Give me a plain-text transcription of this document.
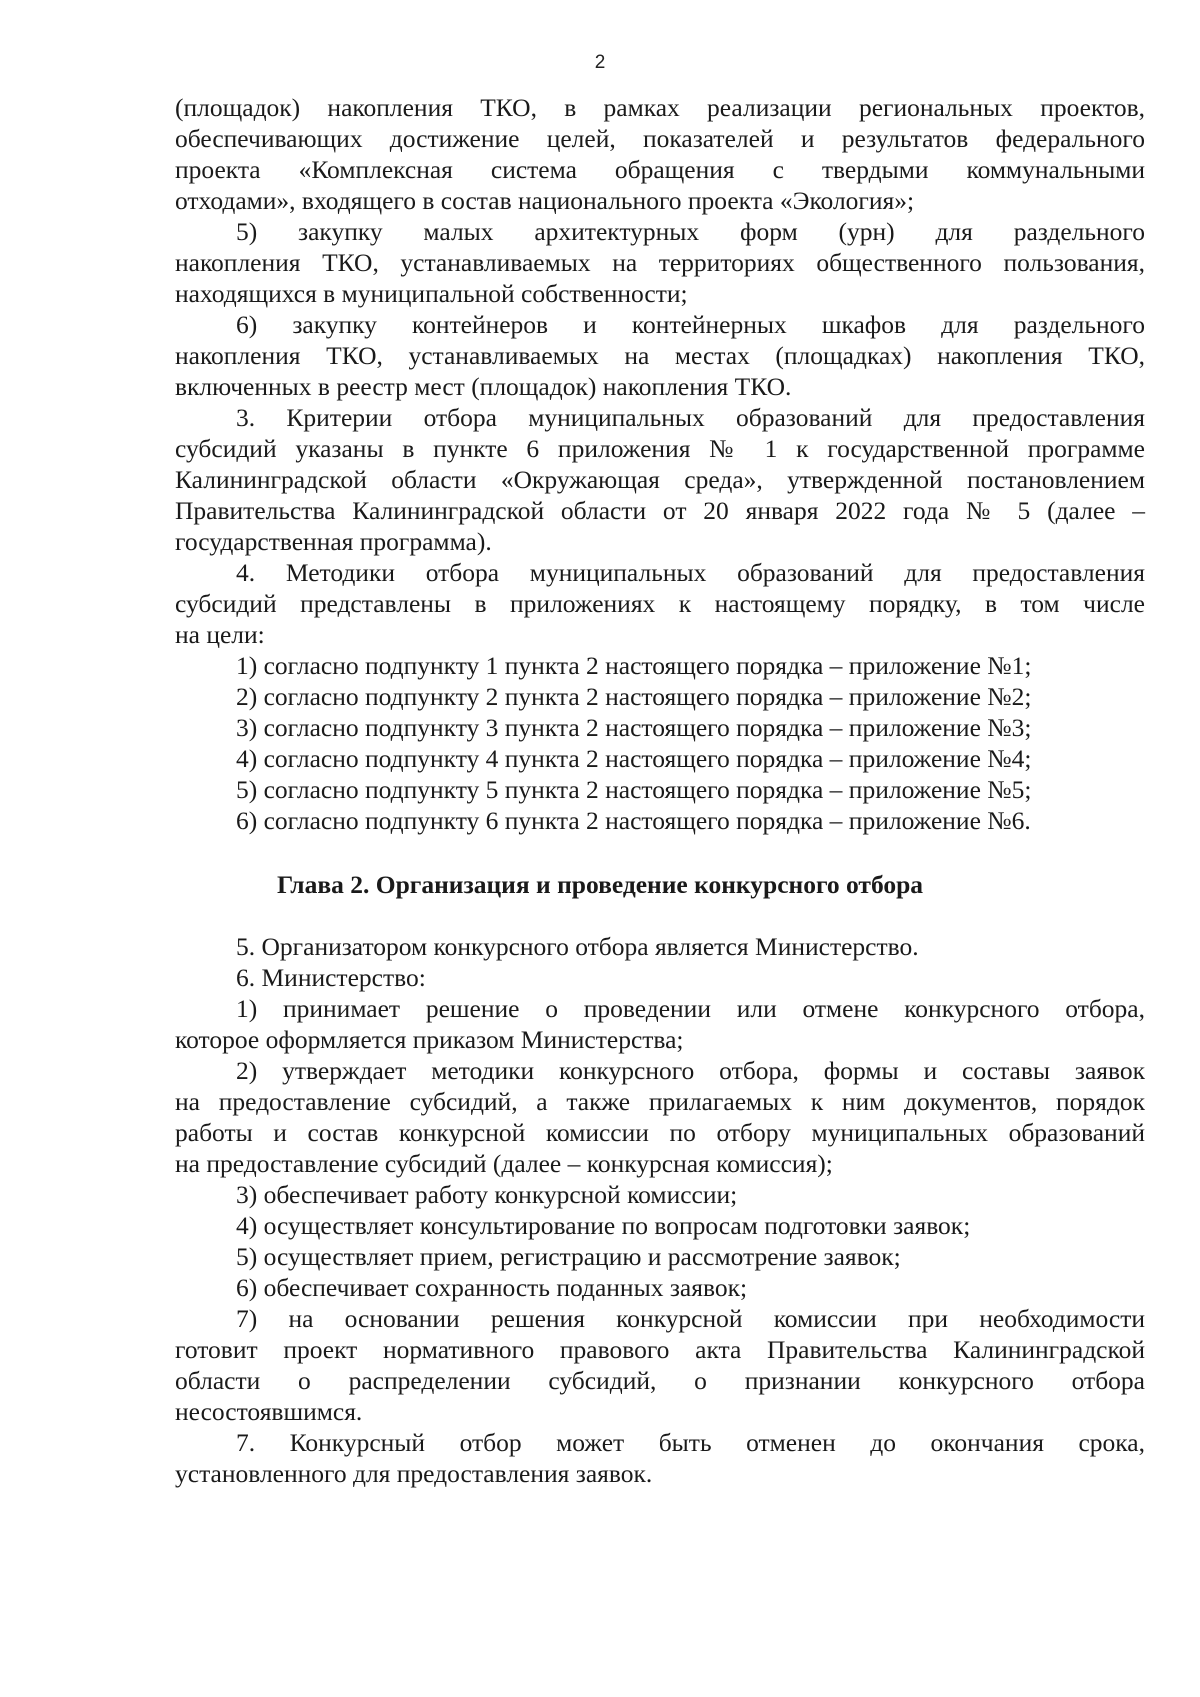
2
(площадок) накопления ТКО, в рамках реализации региональных проектов,
обеспечивающих достижение целей, показателей и результатов федерального
проекта «Комплексная система обращения с твердыми коммунальными
отходами», входящего в состав национального проекта «Экология»;
5) закупку малых архитектурных форм (урн) для раздельного
накопления ТКО, устанавливаемых на территориях общественного пользования,
находящихся в муниципальной собственности;
6) закупку контейнеров и контейнерных шкафов для раздельного
накопления ТКО, устанавливаемых на местах (площадках) накопления ТКО,
включенных в реестр мест (площадок) накопления ТКО.
3. Критерии отбора муниципальных образований для предоставления
субсидий указаны в пункте 6 приложения № 1 к государственной программе
Калининградской области «Окружающая среда», утвержденной постановлением
Правительства Калининградской области от 20 января 2022 года № 5 (далее –
государственная программа).
4. Методики отбора муниципальных образований для предоставления
субсидий представлены в приложениях к настоящему порядку, в том числе
на цели:
1) согласно подпункту 1 пункта 2 настоящего порядка – приложение №1;
2) согласно подпункту 2 пункта 2 настоящего порядка – приложение №2;
3) согласно подпункту 3 пункта 2 настоящего порядка – приложение №3;
4) согласно подпункту 4 пункта 2 настоящего порядка – приложение №4;
5) согласно подпункту 5 пункта 2 настоящего порядка – приложение №5;
6) согласно подпункту 6 пункта 2 настоящего порядка – приложение №6.
Глава 2. Организация и проведение конкурсного отбора
5. Организатором конкурсного отбора является Министерство.
6. Министерство:
1) принимает решение о проведении или отмене конкурсного отбора,
которое оформляется приказом Министерства;
2) утверждает методики конкурсного отбора, формы и составы заявок
на предоставление субсидий, а также прилагаемых к ним документов, порядок
работы и состав конкурсной комиссии по отбору муниципальных образований
на предоставление субсидий (далее – конкурсная комиссия);
3) обеспечивает работу конкурсной комиссии;
4) осуществляет консультирование по вопросам подготовки заявок;
5) осуществляет прием, регистрацию и рассмотрение заявок;
6) обеспечивает сохранность поданных заявок;
7) на основании решения конкурсной комиссии при необходимости
готовит проект нормативного правового акта Правительства Калининградской
области о распределении субсидий, о признании конкурсного отбора
несостоявшимся.
7. Конкурсный отбор может быть отменен до окончания срока,
установленного для предоставления заявок.
